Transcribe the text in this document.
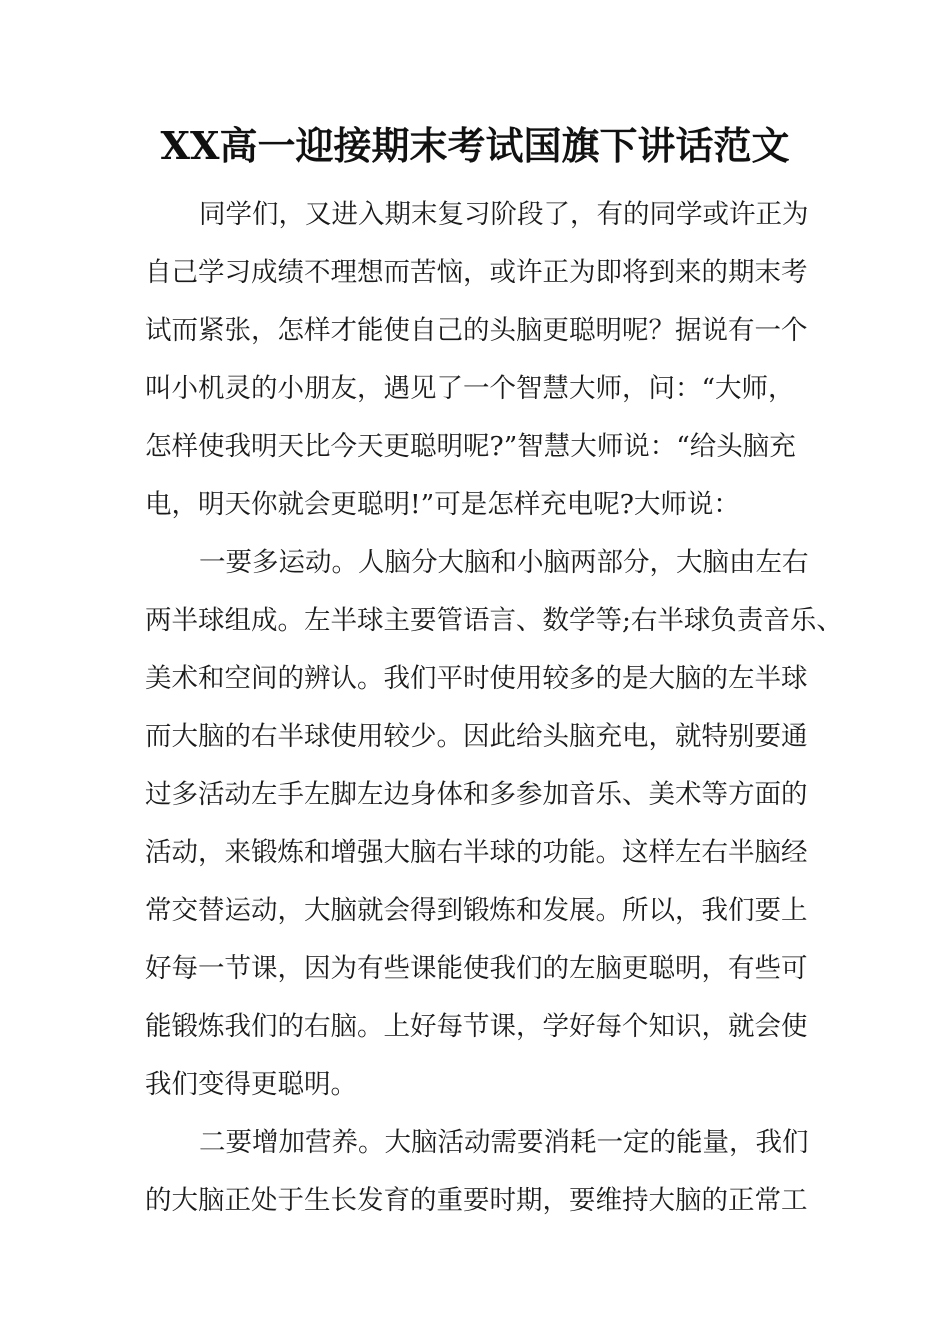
XX高一迎接期末考试国旗下讲话范文
同学们，又进入期末复习阶段了，有的同学或许正为
自己学习成绩不理想而苦恼，或许正为即将到来的期末考
试而紧张，怎样才能使自己的头脑更聪明呢？据说有一个
叫小机灵的小朋友，遇见了一个智慧大师，问：“大师，
怎样使我明天比今天更聪明呢?”智慧大师说：“给头脑充
电，明天你就会更聪明!”可是怎样充电呢?大师说：
一要多运动。人脑分大脑和小脑两部分，大脑由左右
两半球组成。左半球主要管语言、数学等;右半球负责音乐、
美术和空间的辨认。我们平时使用较多的是大脑的左半球
而大脑的右半球使用较少。因此给头脑充电，就特别要通
过多活动左手左脚左边身体和多参加音乐、美术等方面的
活动，来锻炼和增强大脑右半球的功能。这样左右半脑经
常交替运动，大脑就会得到锻炼和发展。所以，我们要上
好每一节课，因为有些课能使我们的左脑更聪明，有些可
能锻炼我们的右脑。上好每节课，学好每个知识，就会使
我们变得更聪明。
二要增加营养。大脑活动需要消耗一定的能量，我们
的大脑正处于生长发育的重要时期，要维持大脑的正常工
